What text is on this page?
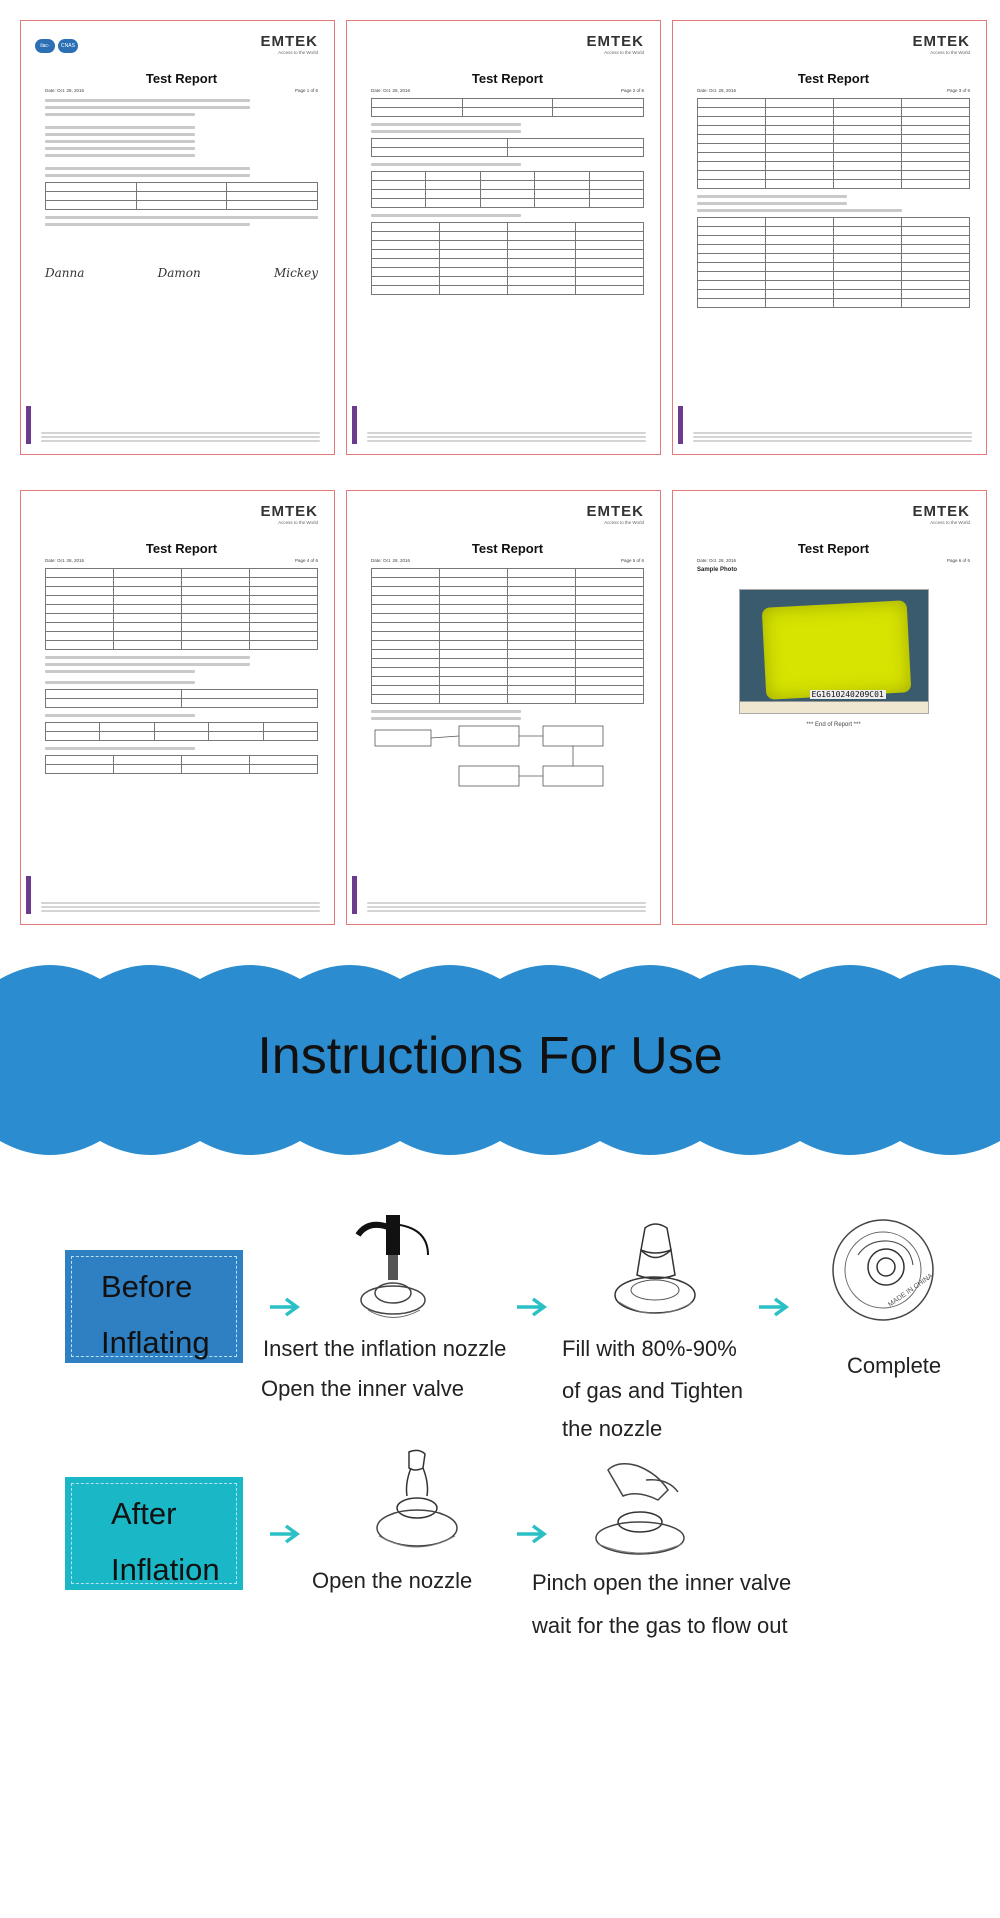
ilac-MRA
CNAS	EMTEK
Access to the World
Test Report
Date: Oct. 28, 2016	Page 1 of 6

Danna	Damon	Mickey
EMTEK
Access to the World
Test Report
Date: Oct. 28, 2016	Page 2 of 6

EMTEK
Access to the World
Test Report
Date: Oct. 28, 2016	Page 3 of 6

EMTEK
Access to the World
Test Report
Date: Oct. 28, 2016	Page 4 of 6

EMTEK
Access to the World
Test Report
Date: Oct. 28, 2016	Page 5 of 6

EMTEK
Access to the World
Test Report
Date: Oct. 28, 2016	Page 6 of 6
Sample Photo
EG1610240209C01
*** End of Report ***
Instructions For Use
Before
Inflating Insert the inflation nozzle
Open the inner valve
Fill with 80%-90%
of gas and Tighten
the nozzle
MADE IN CHINA
Complete
After
Inflation	Open the nozzle	Pinch open the inner valve
wait for the gas to flow out
